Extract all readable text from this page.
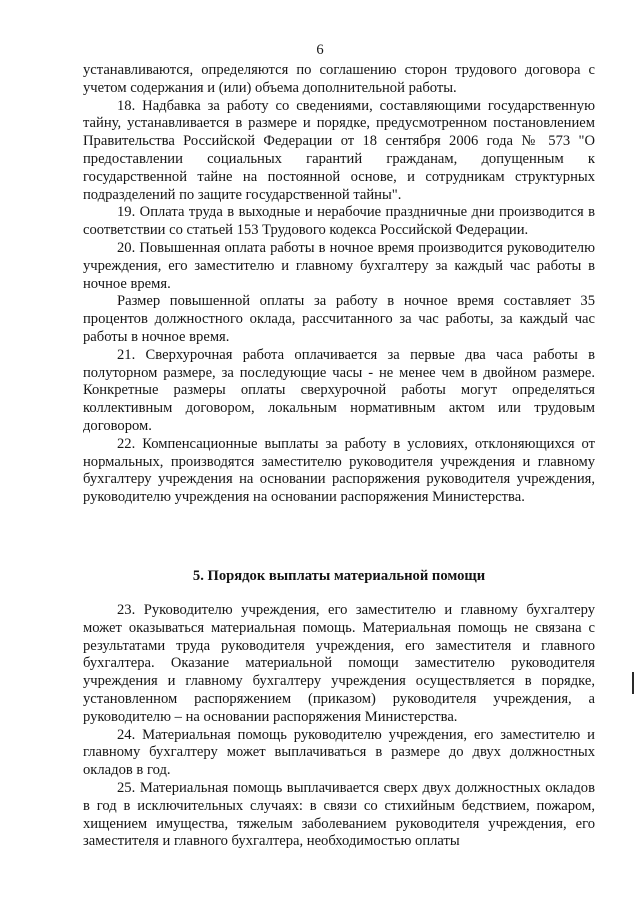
6

устанавливаются, определяются по соглашению сторон трудового договора с учетом содержания и (или) объема дополнительной работы.

18. Надбавка за работу со сведениями, составляющими государственную тайну, устанавливается в размере и порядке, предусмотренном постановлением Правительства Российской Федерации от 18 сентября 2006 года № 573 "О предоставлении социальных гарантий гражданам, допущенным к государственной тайне на постоянной основе, и сотрудникам структурных подразделений по защите государственной тайны".

19. Оплата труда в выходные и нерабочие праздничные дни производится в соответствии со статьей 153 Трудового кодекса Российской Федерации.

20. Повышенная оплата работы в ночное время производится руководителю учреждения, его заместителю и главному бухгалтеру за каждый час работы в ночное время.

Размер повышенной оплаты за работу в ночное время составляет 35 процентов должностного оклада, рассчитанного за час работы, за каждый час работы в ночное время.

21. Сверхурочная работа оплачивается за первые два часа работы в полуторном размере, за последующие часы - не менее чем в двойном размере. Конкретные размеры оплаты сверхурочной работы могут определяться коллективным договором, локальным нормативным актом или трудовым договором.

22. Компенсационные выплаты за работу в условиях, отклоняющихся от нормальных, производятся заместителю руководителя учреждения и главному бухгалтеру учреждения на основании распоряжения руководителя учреждения, руководителю учреждения на основании распоряжения Министерства.

5. Порядок выплаты материальной помощи

23. Руководителю учреждения, его заместителю и главному бухгалтеру может оказываться материальная помощь. Материальная помощь не связана с результатами труда руководителя учреждения, его заместителя и главного бухгалтера. Оказание материальной помощи заместителю руководителя учреждения и главному бухгалтеру учреждения осуществляется в порядке, установленном распоряжением (приказом) руководителя учреждения, а руководителю – на основании распоряжения Министерства.

24. Материальная помощь руководителю учреждения, его заместителю и главному бухгалтеру может выплачиваться в размере до двух должностных окладов в год.

25. Материальная помощь выплачивается сверх двух должностных окладов в год в исключительных случаях: в связи со стихийным бедствием, пожаром, хищением имущества, тяжелым заболеванием руководителя учреждения, его заместителя и главного бухгалтера, необходимостью оплаты
